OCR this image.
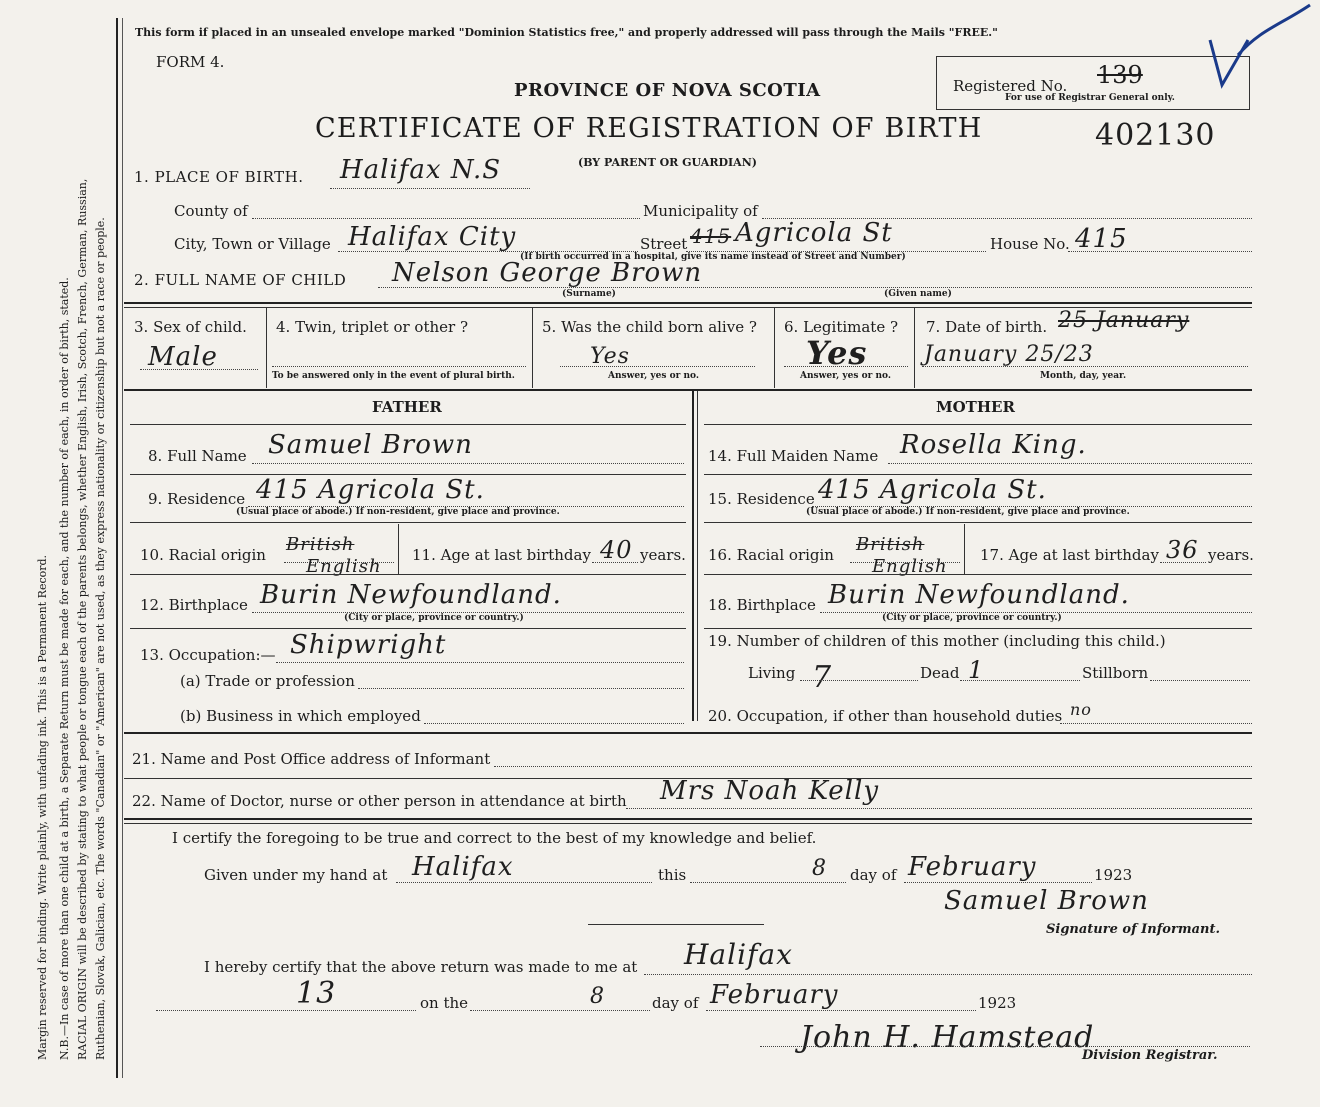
Margin reserved for binding. Write plainly, with unfading ink. This is a Permanent Record. N.B.—In case of more than one child at a birth, a Separate Return must be made for each, and the number of each, in order of birth, stated. RACIAL ORIGIN will be described by stating to what people or tongue each of the parents belongs, whether English, Irish, Scotch, French, German, Russian, Ruthenian, Slovak, Galician, etc. The words "Canadian" or "American" are not used, as they express nationality or citizenship but not a race or people.
This form if placed in an unsealed envelope marked "Dominion Statistics free," and properly addressed will pass through the Mails "FREE."
FORM 4.
PROVINCE OF NOVA SCOTIA
CERTIFICATE OF REGISTRATION OF BIRTH
(BY PARENT OR GUARDIAN)
402130
Registered No. 139
For use of Registrar General only.
1. PLACE OF BIRTH. Halifax N.S
County of	Municipality of
City, Town or Village Halifax City	Street 415 Agricola St
(If birth occurred in a hospital, give its name instead of Street and Number)
House No. 415
2. FULL NAME OF CHILD Nelson George Brown
(Surname)	(Given name)
3. Sex of child.
Male
4. Twin, triplet or other ?
To be answered only in the event of plural birth.
5. Was the child born alive ?
Yes
Answer, yes or no.
6. Legitimate ?
Yes
Answer, yes or no.
7. Date of birth. 25 January
January 25/23
Month, day, year.
FATHER	MOTHER
8. Full Name Samuel Brown
9. Residence 415 Agricola St.
(Usual place of abode.) If non-resident, give place and province.
10. Racial origin British
English
11. Age at last birthday 40 years.
12. Birthplace Burin Newfoundland.
(City or place, province or country.)
13. Occupation:— Shipwright
(a) Trade or profession
(b) Business in which employed
14. Full Maiden Name Rosella King.
15. Residence 415 Agricola St.
(Usual place of abode.) If non-resident, give place and province.
16. Racial origin British
English
17. Age at last birthday 36 years.
18. Birthplace Burin Newfoundland.
(City or place, province or country.)
19. Number of children of this mother (including this child.)
Living 7	Dead 1	Stillborn
20. Occupation, if other than household duties no
21. Name and Post Office address of Informant
22. Name of Doctor, nurse or other person in attendance at birth Mrs Noah Kelly
I certify the foregoing to be true and correct to the best of my knowledge and belief.
Given under my hand at Halifax	this	8 day of February	1923
Samuel Brown
Signature of Informant.
I hereby certify that the above return was made to me at Halifax
13	on the	8	day of February	1923
John H. Hamstead
Division Registrar.
